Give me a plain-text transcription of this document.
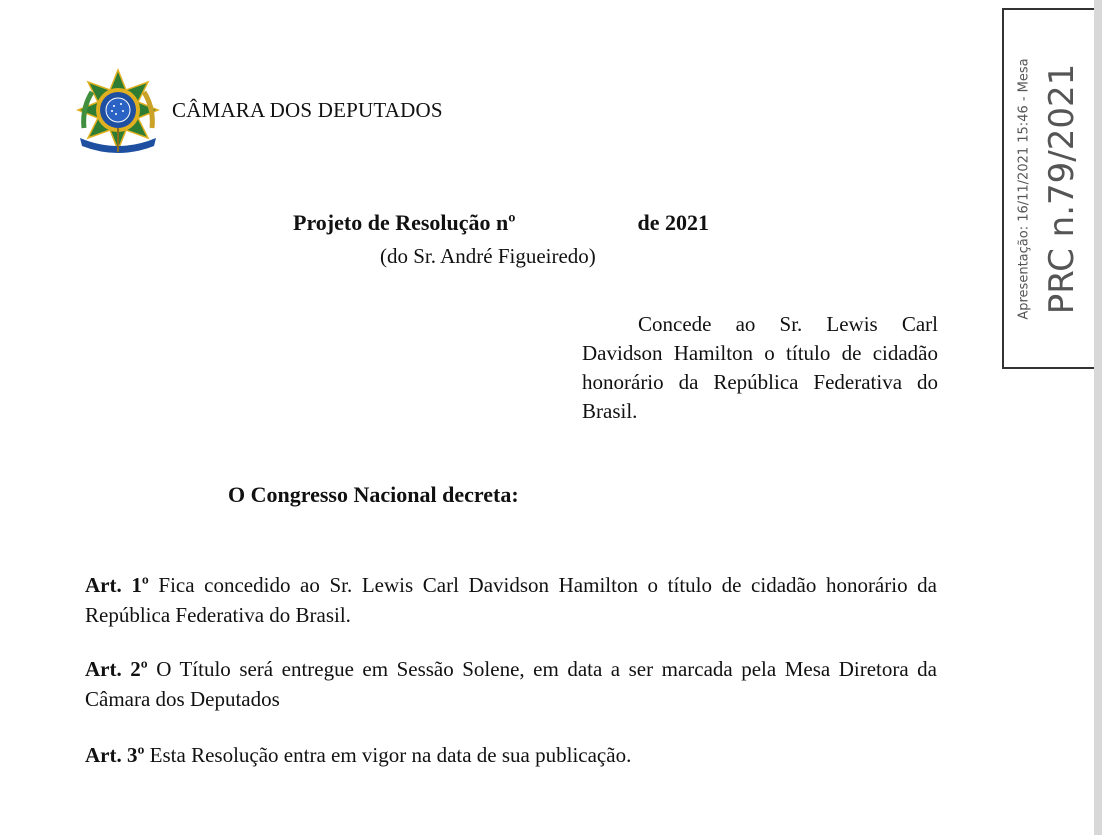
CÂMARA DOS DEPUTADOS
Projeto de Resolução nº	de 2021
(do Sr. André Figueiredo)
Concede ao Sr. Lewis Carl Davidson Hamilton o título de cidadão honorário da República Federativa do Brasil.
O Congresso Nacional decreta:
Art. 1º Fica concedido ao Sr. Lewis Carl Davidson Hamilton o título de cidadão honorário da República Federativa do Brasil.
Art. 2º O Título será entregue em Sessão Solene, em data a ser marcada pela Mesa Diretora da Câmara dos Deputados
Art. 3º Esta Resolução entra em vigor na data de sua publicação.
Apresentação: 16/11/2021 15:46 - Mesa PRC n.79/2021
